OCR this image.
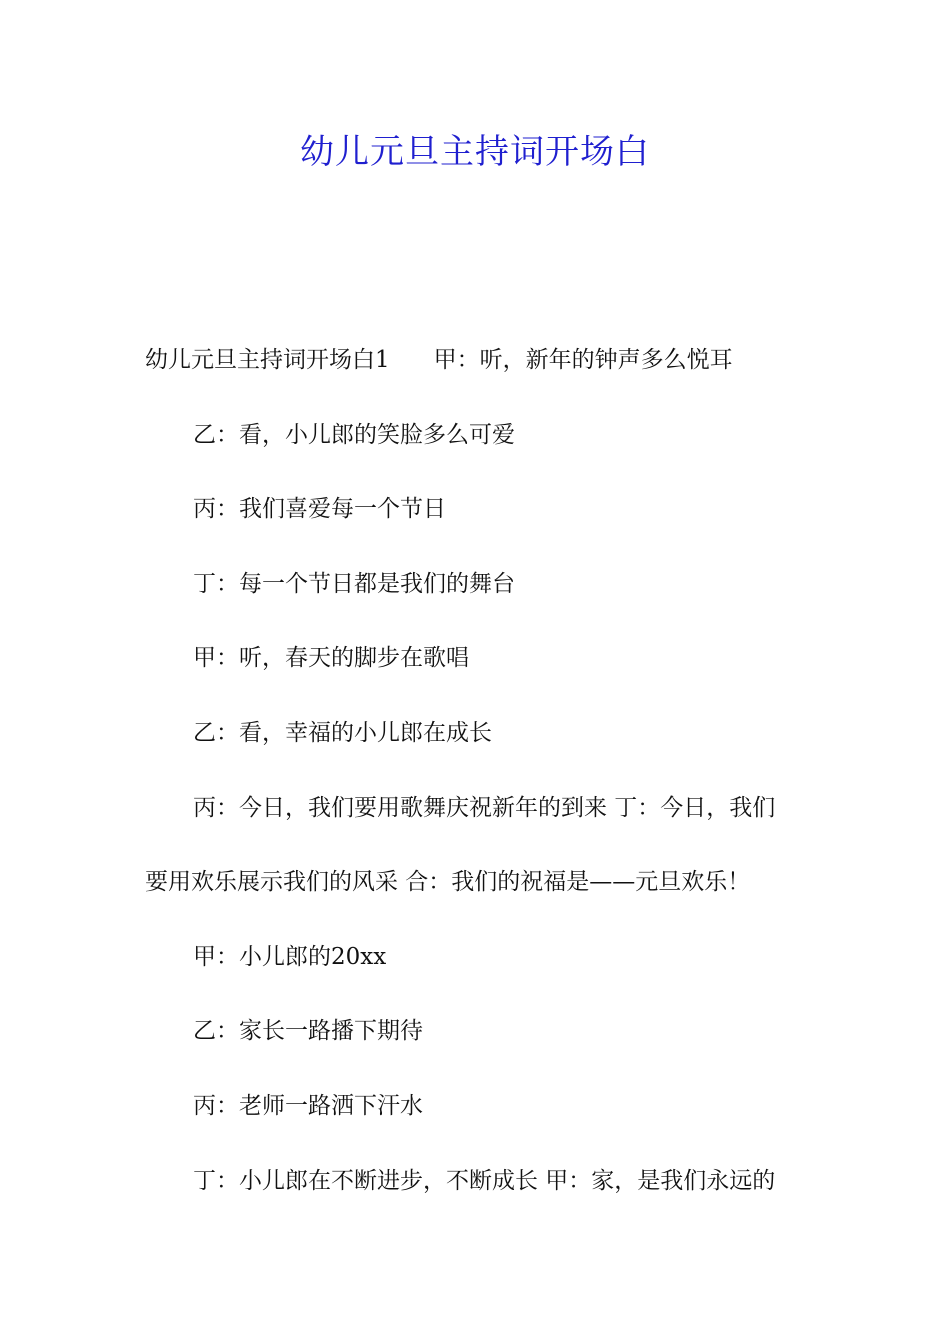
幼儿元旦主持词开场白
幼儿元旦主持词开场白1 甲：听，新年的钟声多么悦耳
乙：看，小儿郎的笑脸多么可爱
丙：我们喜爱每一个节日
丁：每一个节日都是我们的舞台
甲：听，春天的脚步在歌唱
乙：看，幸福的小儿郎在成长
丙：今日，我们要用歌舞庆祝新年的到来 丁：今日，我们
要用欢乐展示我们的风采 合：我们的祝福是——元旦欢乐！
甲：小儿郎的20xx
乙：家长一路播下期待
丙：老师一路洒下汗水
丁：小儿郎在不断进步，不断成长 甲：家，是我们永远的
